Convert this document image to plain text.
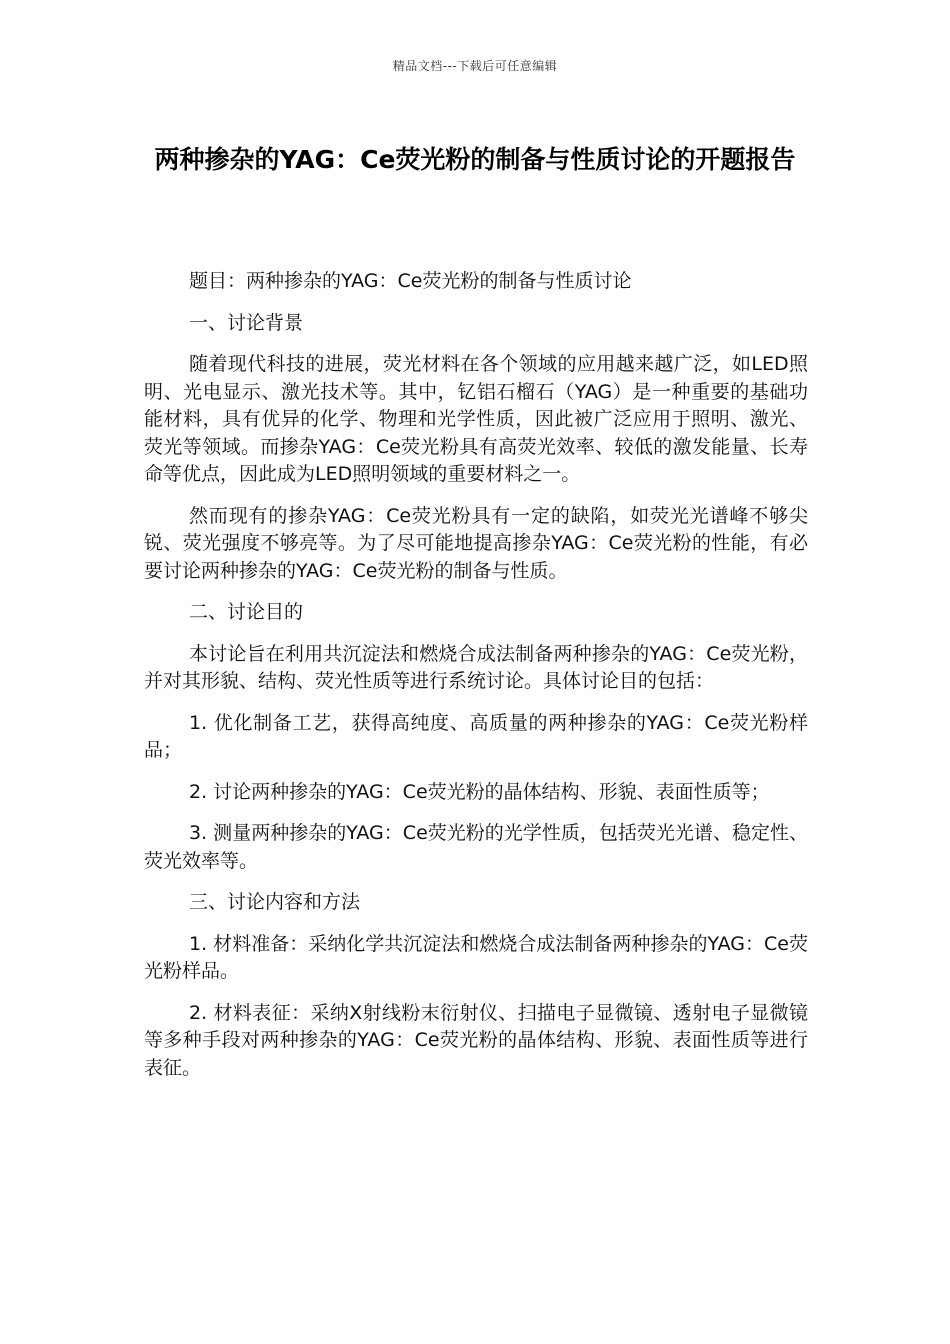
精品文档---下载后可任意编辑
两种掺杂的YAG：Ce荧光粉的制备与性质讨论的开题报告

题目：两种掺杂的YAG：Ce荧光粉的制备与性质讨论

一、讨论背景

随着现代科技的进展，荧光材料在各个领域的应用越来越广泛，如LED照明、光电显示、激光技术等。其中，钇铝石榴石（YAG）是一种重要的基础功能材料，具有优异的化学、物理和光学性质，因此被广泛应用于照明、激光、荧光等领域。而掺杂YAG：Ce荧光粉具有高荧光效率、较低的激发能量、长寿命等优点，因此成为LED照明领域的重要材料之一。

然而现有的掺杂YAG：Ce荧光粉具有一定的缺陷，如荧光光谱峰不够尖锐、荧光强度不够亮等。为了尽可能地提高掺杂YAG：Ce荧光粉的性能，有必要讨论两种掺杂的YAG：Ce荧光粉的制备与性质。

二、讨论目的

本讨论旨在利用共沉淀法和燃烧合成法制备两种掺杂的YAG：Ce荧光粉，并对其形貌、结构、荧光性质等进行系统讨论。具体讨论目的包括：

1. 优化制备工艺，获得高纯度、高质量的两种掺杂的YAG：Ce荧光粉样品；

2. 讨论两种掺杂的YAG：Ce荧光粉的晶体结构、形貌、表面性质等；

3. 测量两种掺杂的YAG：Ce荧光粉的光学性质，包括荧光光谱、稳定性、荧光效率等。

三、讨论内容和方法

1. 材料准备：采纳化学共沉淀法和燃烧合成法制备两种掺杂的YAG：Ce荧光粉样品。

2. 材料表征：采纳X射线粉末衍射仪、扫描电子显微镜、透射电子显微镜等多种手段对两种掺杂的YAG：Ce荧光粉的晶体结构、形貌、表面性质等进行表征。
